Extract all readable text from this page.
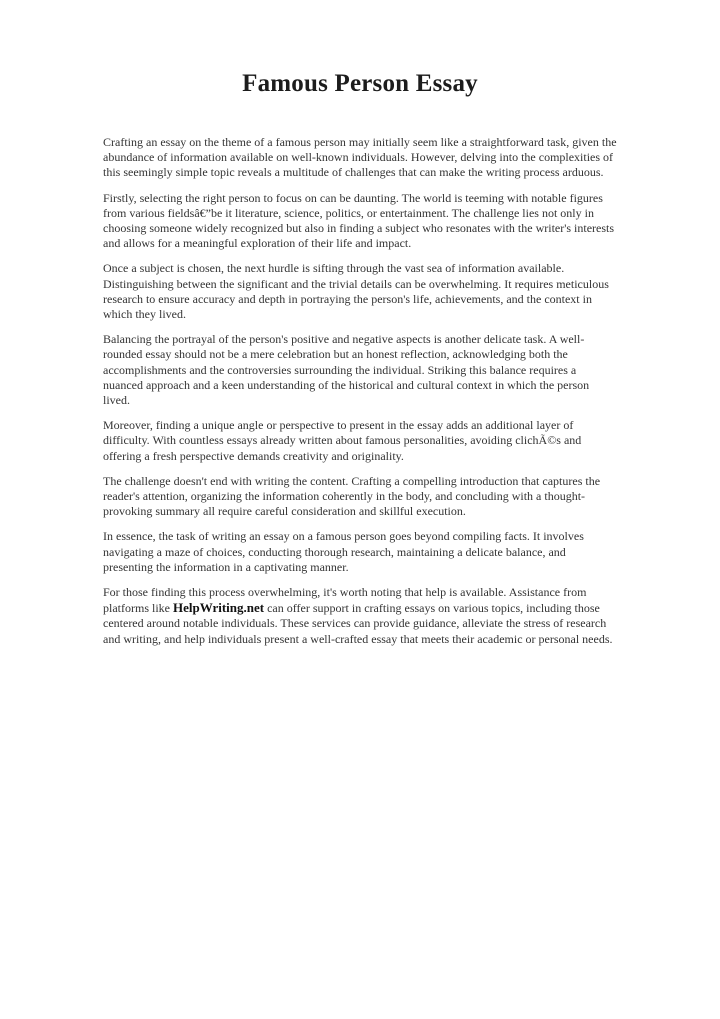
Famous Person Essay

Crafting an essay on the theme of a famous person may initially seem like a straightforward task, given the abundance of information available on well-known individuals. However, delving into the complexities of this seemingly simple topic reveals a multitude of challenges that can make the writing process arduous.

Firstly, selecting the right person to focus on can be daunting. The world is teeming with notable figures from various fieldsâ€”be it literature, science, politics, or entertainment. The challenge lies not only in choosing someone widely recognized but also in finding a subject who resonates with the writer's interests and allows for a meaningful exploration of their life and impact.

Once a subject is chosen, the next hurdle is sifting through the vast sea of information available. Distinguishing between the significant and the trivial details can be overwhelming. It requires meticulous research to ensure accuracy and depth in portraying the person's life, achievements, and the context in which they lived.

Balancing the portrayal of the person's positive and negative aspects is another delicate task. A well-rounded essay should not be a mere celebration but an honest reflection, acknowledging both the accomplishments and the controversies surrounding the individual. Striking this balance requires a nuanced approach and a keen understanding of the historical and cultural context in which the person lived.

Moreover, finding a unique angle or perspective to present in the essay adds an additional layer of difficulty. With countless essays already written about famous personalities, avoiding clichÃ©s and offering a fresh perspective demands creativity and originality.

The challenge doesn't end with writing the content. Crafting a compelling introduction that captures the reader's attention, organizing the information coherently in the body, and concluding with a thought-provoking summary all require careful consideration and skillful execution.

In essence, the task of writing an essay on a famous person goes beyond compiling facts. It involves navigating a maze of choices, conducting thorough research, maintaining a delicate balance, and presenting the information in a captivating manner.

For those finding this process overwhelming, it's worth noting that help is available. Assistance from platforms like HelpWriting.net can offer support in crafting essays on various topics, including those centered around notable individuals. These services can provide guidance, alleviate the stress of research and writing, and help individuals present a well-crafted essay that meets their academic or personal needs.
